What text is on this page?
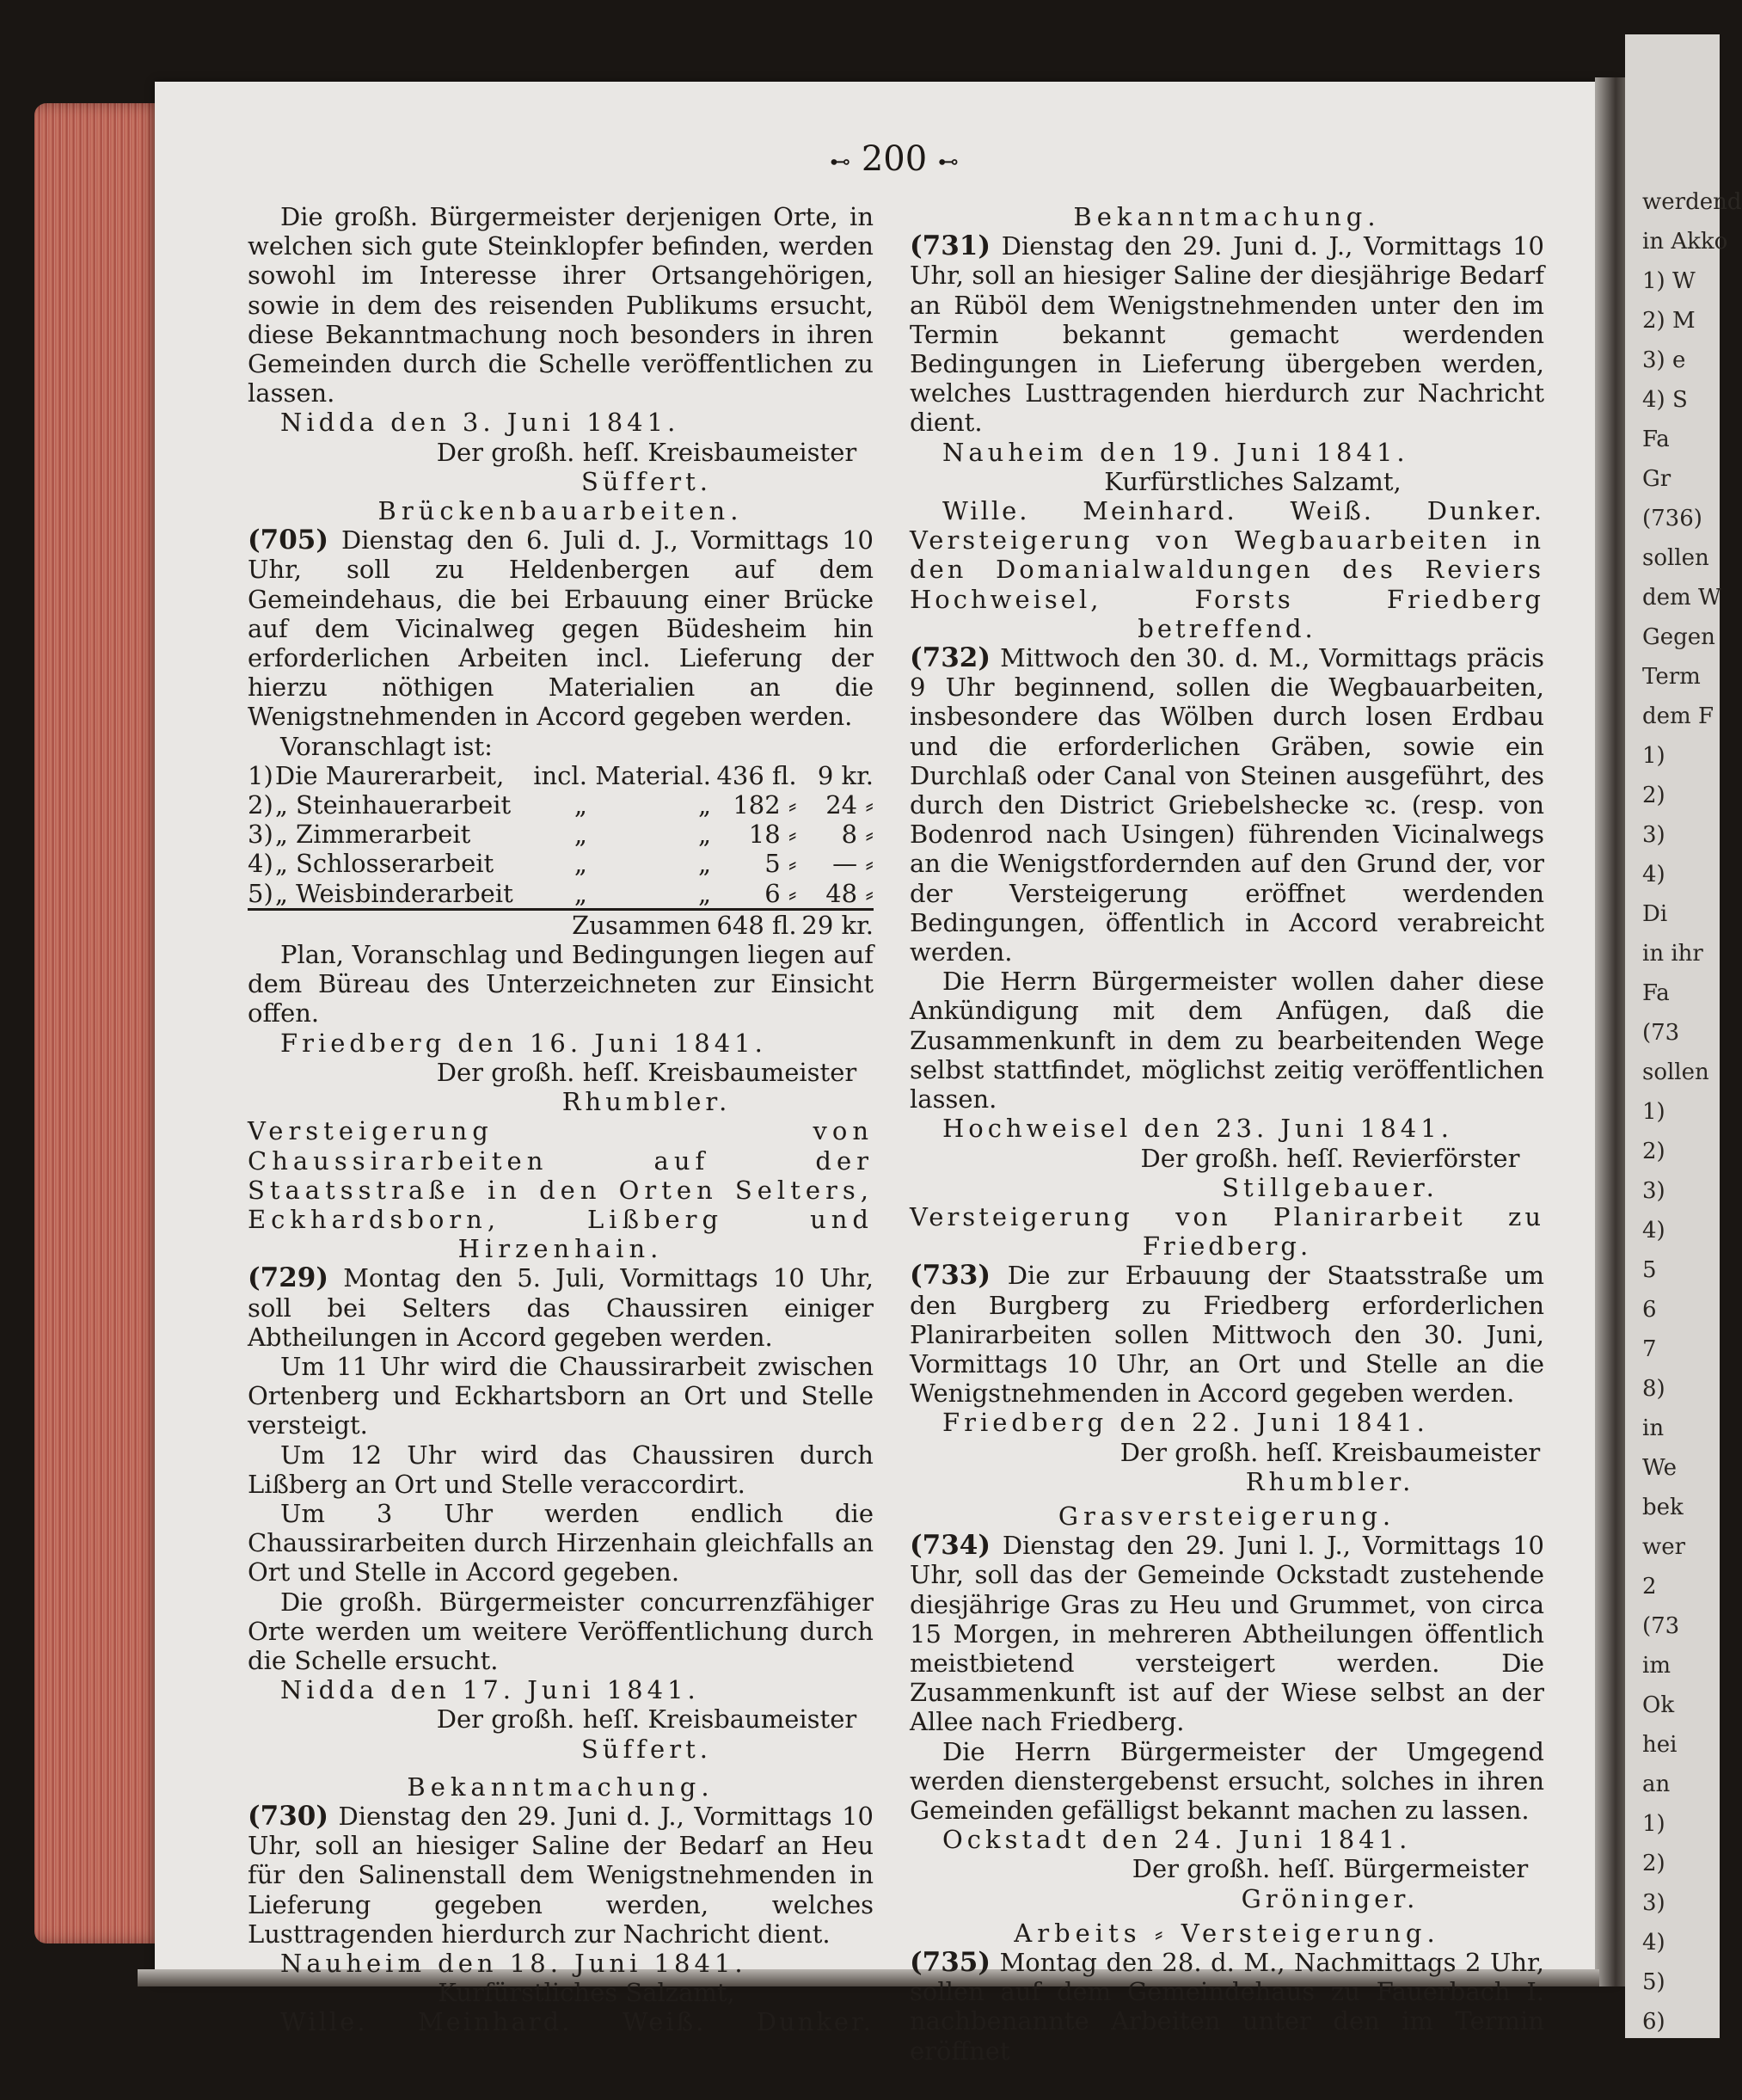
werdend
in Akko
1) W
2) M
3) e
4) S
Fa
Gr
(736)
sollen
dem W
Gegen
Term
dem F
1)
2)
3)
4)
Di
in ihr
Fa
(73
sollen
1)
2)
3)
4)
5
6
7
8)
in
We
bek
wer
2
(73
im
Ok
hei
an
1)
2)
3)
4)
5)
6)
⊷ 200 ⊷

Die großh. Bürgermeister derjenigen Orte, in welchen sich gute Steinklopfer befinden, werden sowohl im Interesse ihrer Ortsangehörigen, sowie in dem des reisenden Publikums ersucht, diese Bekanntmachung noch besonders in ihren Gemeinden durch die Schelle veröffentlichen zu lassen.

Nidda den 3. Juni 1841.

Der großh. heſſ. Kreisbaumeister

Süffert.

Brückenbauarbeiten.

(705) Dienstag den 6. Juli d. J., Vormittags 10 Uhr, soll zu Heldenbergen auf dem Gemeindehaus, die bei Erbauung einer Brücke auf dem Vicinalweg gegen Büdesheim hin erforderlichen Arbeiten incl. Lieferung der hierzu nöthigen Materialien an die Wenigstnehmenden in Accord gegeben werden.

Voranschlagt ist:

1)	Die Maurerarbeit,	incl.	Material.	436 fl.	9 kr.
2)	„ Steinhauerarbeit	„	„	182 ⸗	24 ⸗
3)	„ Zimmerarbeit	„	„	18 ⸗	8 ⸗
4)	„ Schlosserarbeit	„	„	5 ⸗	— ⸗
5)	„ Weisbinderarbeit	„	„	6 ⸗	48 ⸗
	Zusammen			648 fl.	29 kr.

Plan, Voranschlag und Bedingungen liegen auf dem Büreau des Unterzeichneten zur Einsicht offen.

Friedberg den 16. Juni 1841.

Der großh. heſſ. Kreisbaumeister

Rhumbler.

Versteigerung von Chaussirarbeiten auf der Staatsstraße in den Orten Selters, Eckhardsborn, Lißberg und Hirzenhain.

(729) Montag den 5. Juli, Vormittags 10 Uhr, soll bei Selters das Chaussiren einiger Abtheilungen in Accord gegeben werden.

Um 11 Uhr wird die Chaussirarbeit zwischen Ortenberg und Eckhartsborn an Ort und Stelle versteigt.

Um 12 Uhr wird das Chaussiren durch Lißberg an Ort und Stelle veraccordirt.

Um 3 Uhr werden endlich die Chaussirarbeiten durch Hirzenhain gleichfalls an Ort und Stelle in Accord gegeben.

Die großh. Bürgermeister concurrenzfähiger Orte werden um weitere Veröffentlichung durch die Schelle ersucht.

Nidda den 17. Juni 1841.

Der großh. heſſ. Kreisbaumeister

Süffert.

Bekanntmachung.

(730) Dienstag den 29. Juni d. J., Vormittags 10 Uhr, soll an hiesiger Saline der Bedarf an Heu für den Salinenstall dem Wenigstnehmenden in Lieferung gegeben werden, welches Lusttragenden hierdurch zur Nachricht dient.

Nauheim den 18. Juni 1841.

Kurfürstliches Salzamt,

Wille. Meinhard. Weiß. Dunker.

Bekanntmachung.

(731) Dienstag den 29. Juni d. J., Vormittags 10 Uhr, soll an hiesiger Saline der diesjährige Bedarf an Rüböl dem Wenigstnehmenden unter den im Termin bekannt gemacht werdenden Bedingungen in Lieferung übergeben werden, welches Lusttragenden hierdurch zur Nachricht dient.

Nauheim den 19. Juni 1841.

Kurfürstliches Salzamt,

Wille. Meinhard. Weiß. Dunker.

Versteigerung von Wegbauarbeiten in den Domanialwaldungen des Reviers Hochweisel, Forsts Friedberg betreffend.

(732) Mittwoch den 30. d. M., Vormittags präcis 9 Uhr beginnend, sollen die Wegbauarbeiten, insbesondere das Wölben durch losen Erdbau und die erforderlichen Gräben, sowie ein Durchlaß oder Canal von Steinen ausgeführt, des durch den District Griebelshecke ꝛc. (resp. von Bodenrod nach Usingen) führenden Vicinalwegs an die Wenigstfordernden auf den Grund der, vor der Versteigerung eröffnet werdenden Bedingungen, öffentlich in Accord verabreicht werden.

Die Herrn Bürgermeister wollen daher diese Ankündigung mit dem Anfügen, daß die Zusammenkunft in dem zu bearbeitenden Wege selbst stattfindet, möglichst zeitig veröffentlichen lassen.

Hochweisel den 23. Juni 1841.

Der großh. heſſ. Revierförster

Stillgebauer.

Versteigerung von Planirarbeit zu Friedberg.

(733) Die zur Erbauung der Staatsstraße um den Burgberg zu Friedberg erforderlichen Planirarbeiten sollen Mittwoch den 30. Juni, Vormittags 10 Uhr, an Ort und Stelle an die Wenigstnehmenden in Accord gegeben werden.

Friedberg den 22. Juni 1841.

Der großh. heſſ. Kreisbaumeister

Rhumbler.

Grasversteigerung.

(734) Dienstag den 29. Juni l. J., Vormittags 10 Uhr, soll das der Gemeinde Ockstadt zustehende diesjährige Gras zu Heu und Grummet, von circa 15 Morgen, in mehreren Abtheilungen öffentlich meistbietend versteigert werden. Die Zusammenkunft ist auf der Wiese selbst an der Allee nach Friedberg.

Die Herrn Bürgermeister der Umgegend werden dienstergebenst ersucht, solches in ihren Gemeinden gefälligst bekannt machen zu lassen.

Ockstadt den 24. Juni 1841.

Der großh. heſſ. Bürgermeister

Gröninger.

Arbeits ⸗ Versteigerung.

(735) Montag den 28. d. M., Nachmittags 2 Uhr, sollen auf dem Gemeindehaus zu Fauerbach I. nachbenannte Arbeiten unter den im Termin eröffnet
